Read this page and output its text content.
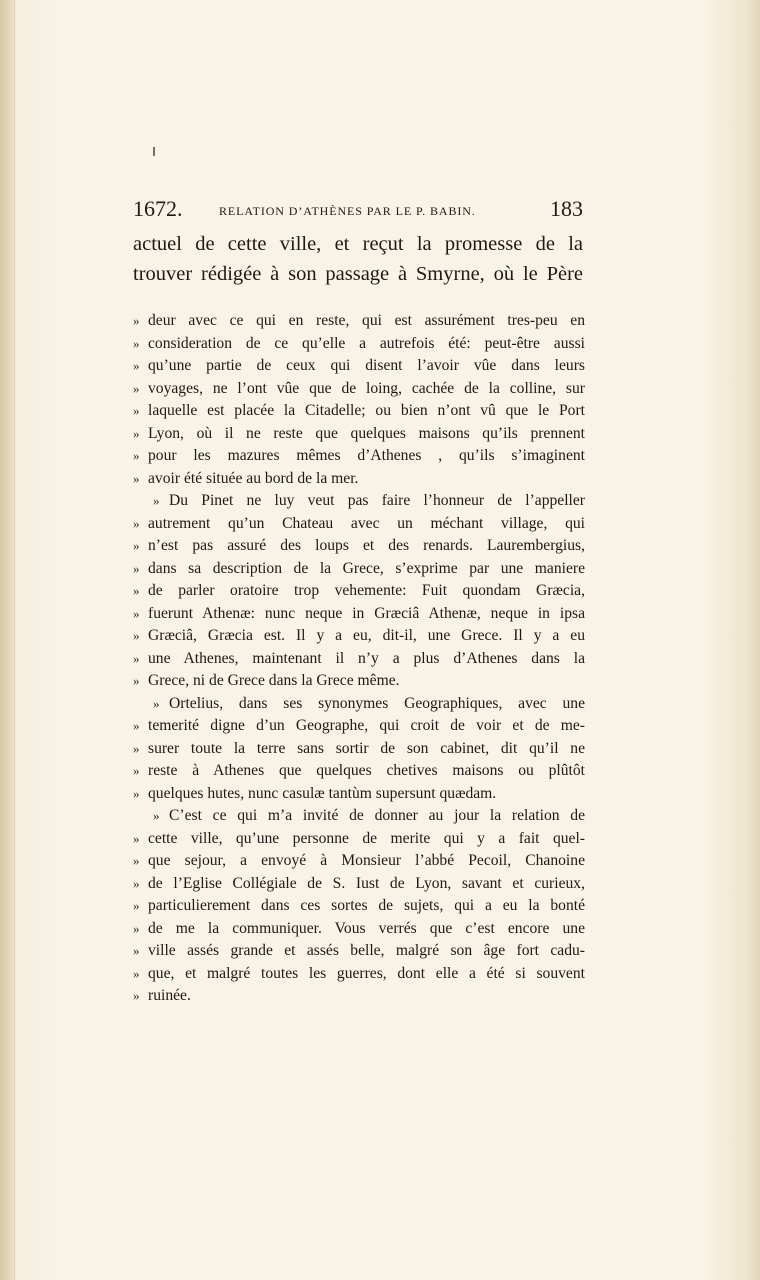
1672.	RELATION D’ATHÈNES PAR LE P. BABIN.	183
actuel de cette ville, et reçut la promesse de la
trouver rédigée à son passage à Smyrne, où le Père
» deur avec ce qui en reste, qui est assurément tres-peu en
» consideration de ce qu’elle a autrefois été: peut-être aussi
» qu’une partie de ceux qui disent l’avoir vûe dans leurs
» voyages, ne l’ont vûe que de loing, cachée de la colline, sur
» laquelle est placée la Citadelle; ou bien n’ont vû que le Port
» Lyon, où il ne reste que quelques maisons qu’ils prennent
» pour les mazures mêmes d’Athenes , qu’ils s’imaginent
» avoir été située au bord de la mer.
» Du Pinet ne luy veut pas faire l’honneur de l’appeller
» autrement qu’un Chateau avec un méchant village, qui
» n’est pas assuré des loups et des renards. Laurembergius,
» dans sa description de la Grece, s’exprime par une maniere
» de parler oratoire trop vehemente: Fuit quondam Græcia,
» fuerunt Athenæ: nunc neque in Græciâ Athenæ, neque in ipsa
» Græciâ, Græcia est. Il y a eu, dit-il, une Grece. Il y a eu
» une Athenes, maintenant il n’y a plus d’Athenes dans la
» Grece, ni de Grece dans la Grece même.
» Ortelius, dans ses synonymes Geographiques, avec une
» temerité digne d’un Geographe, qui croit de voir et de me-
» surer toute la terre sans sortir de son cabinet, dit qu’il ne
» reste à Athenes que quelques chetives maisons ou plûtôt
» quelques hutes, nunc casulæ tantùm supersunt quædam.
» C’est ce qui m’a invité de donner au jour la relation de
» cette ville, qu’une personne de merite qui y a fait quel-
» que sejour, a envoyé à Monsieur l’abbé Pecoil, Chanoine
» de l’Eglise Collégiale de S. Iust de Lyon, savant et curieux,
» particulierement dans ces sortes de sujets, qui a eu la bonté
» de me la communiquer. Vous verrés que c’est encore une
» ville assés grande et assés belle, malgré son âge fort cadu-
» que, et malgré toutes les guerres, dont elle a été si souvent
» ruinée.
